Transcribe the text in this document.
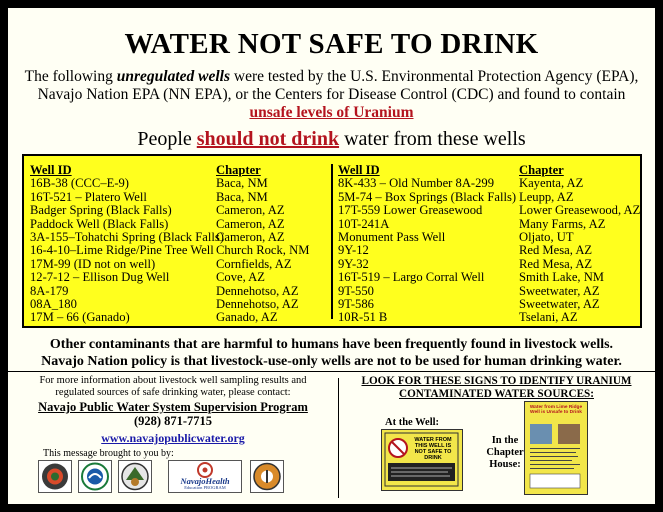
WATER NOT SAFE TO DRINK
The following unregulated wells were tested by the U.S. Environmental Protection Agency (EPA),
Navajo Nation EPA (NN EPA), or the Centers for Disease Control (CDC) and found to contain
unsafe levels of Uranium
People should not drink water from these wells
Well ID
16B-38 (CCC–E-9)
16T-521 – Platero Well
Badger Spring (Black Falls)
Paddock Well (Black Falls)
3A-155–Tohatchi Spring (Black Falls)
16-4-10–Lime Ridge/Pine Tree Well
17M-99 (ID not on well)
12-7-12 – Ellison Dug Well
8A-179
08A_180
17M – 66 (Ganado)
Chapter
Baca, NM
Baca, NM
Cameron, AZ
Cameron, AZ
Cameron, AZ
Church Rock, NM
Cornfields, AZ
Cove, AZ
Dennehotso, AZ
Dennehotso, AZ
Ganado, AZ
Well ID
8K-433 – Old Number 8A-299
5M-74 – Box Springs (Black Falls)
17T-559 Lower Greasewood
10T-241A
Monument Pass Well
9Y-12
9Y-32
16T-519 – Largo Corral Well
9T-550
9T-586
10R-51 B
Chapter
Kayenta, AZ
Leupp, AZ
Lower Greasewood, AZ
Many Farms, AZ
Oljato, UT
Red Mesa, AZ
Red Mesa, AZ
Smith Lake, NM
Sweetwater, AZ
Sweetwater, AZ
Tselani, AZ
Other contaminants that are harmful to humans have been frequently found in livestock wells.
Navajo Nation policy is that livestock-use-only wells are not to be used for human drinking water.
For more information about livestock well sampling results and regulated sources of safe drinking water, please contact:
Navajo Public Water System Supervision Program
(928) 871-7715
www.navajopublicwater.org
This message brought to you by:
NavajoHealth
Education PROGRAM
LOOK FOR THESE SIGNS TO IDENTIFY URANIUM CONTAMINATED WATER SOURCES:
At the Well:
In the Chapter House:
WATER FROM THIS WELL IS NOT SAFE TO DRINK
Water from Lime Ridge Well is Unsafe to Drink
